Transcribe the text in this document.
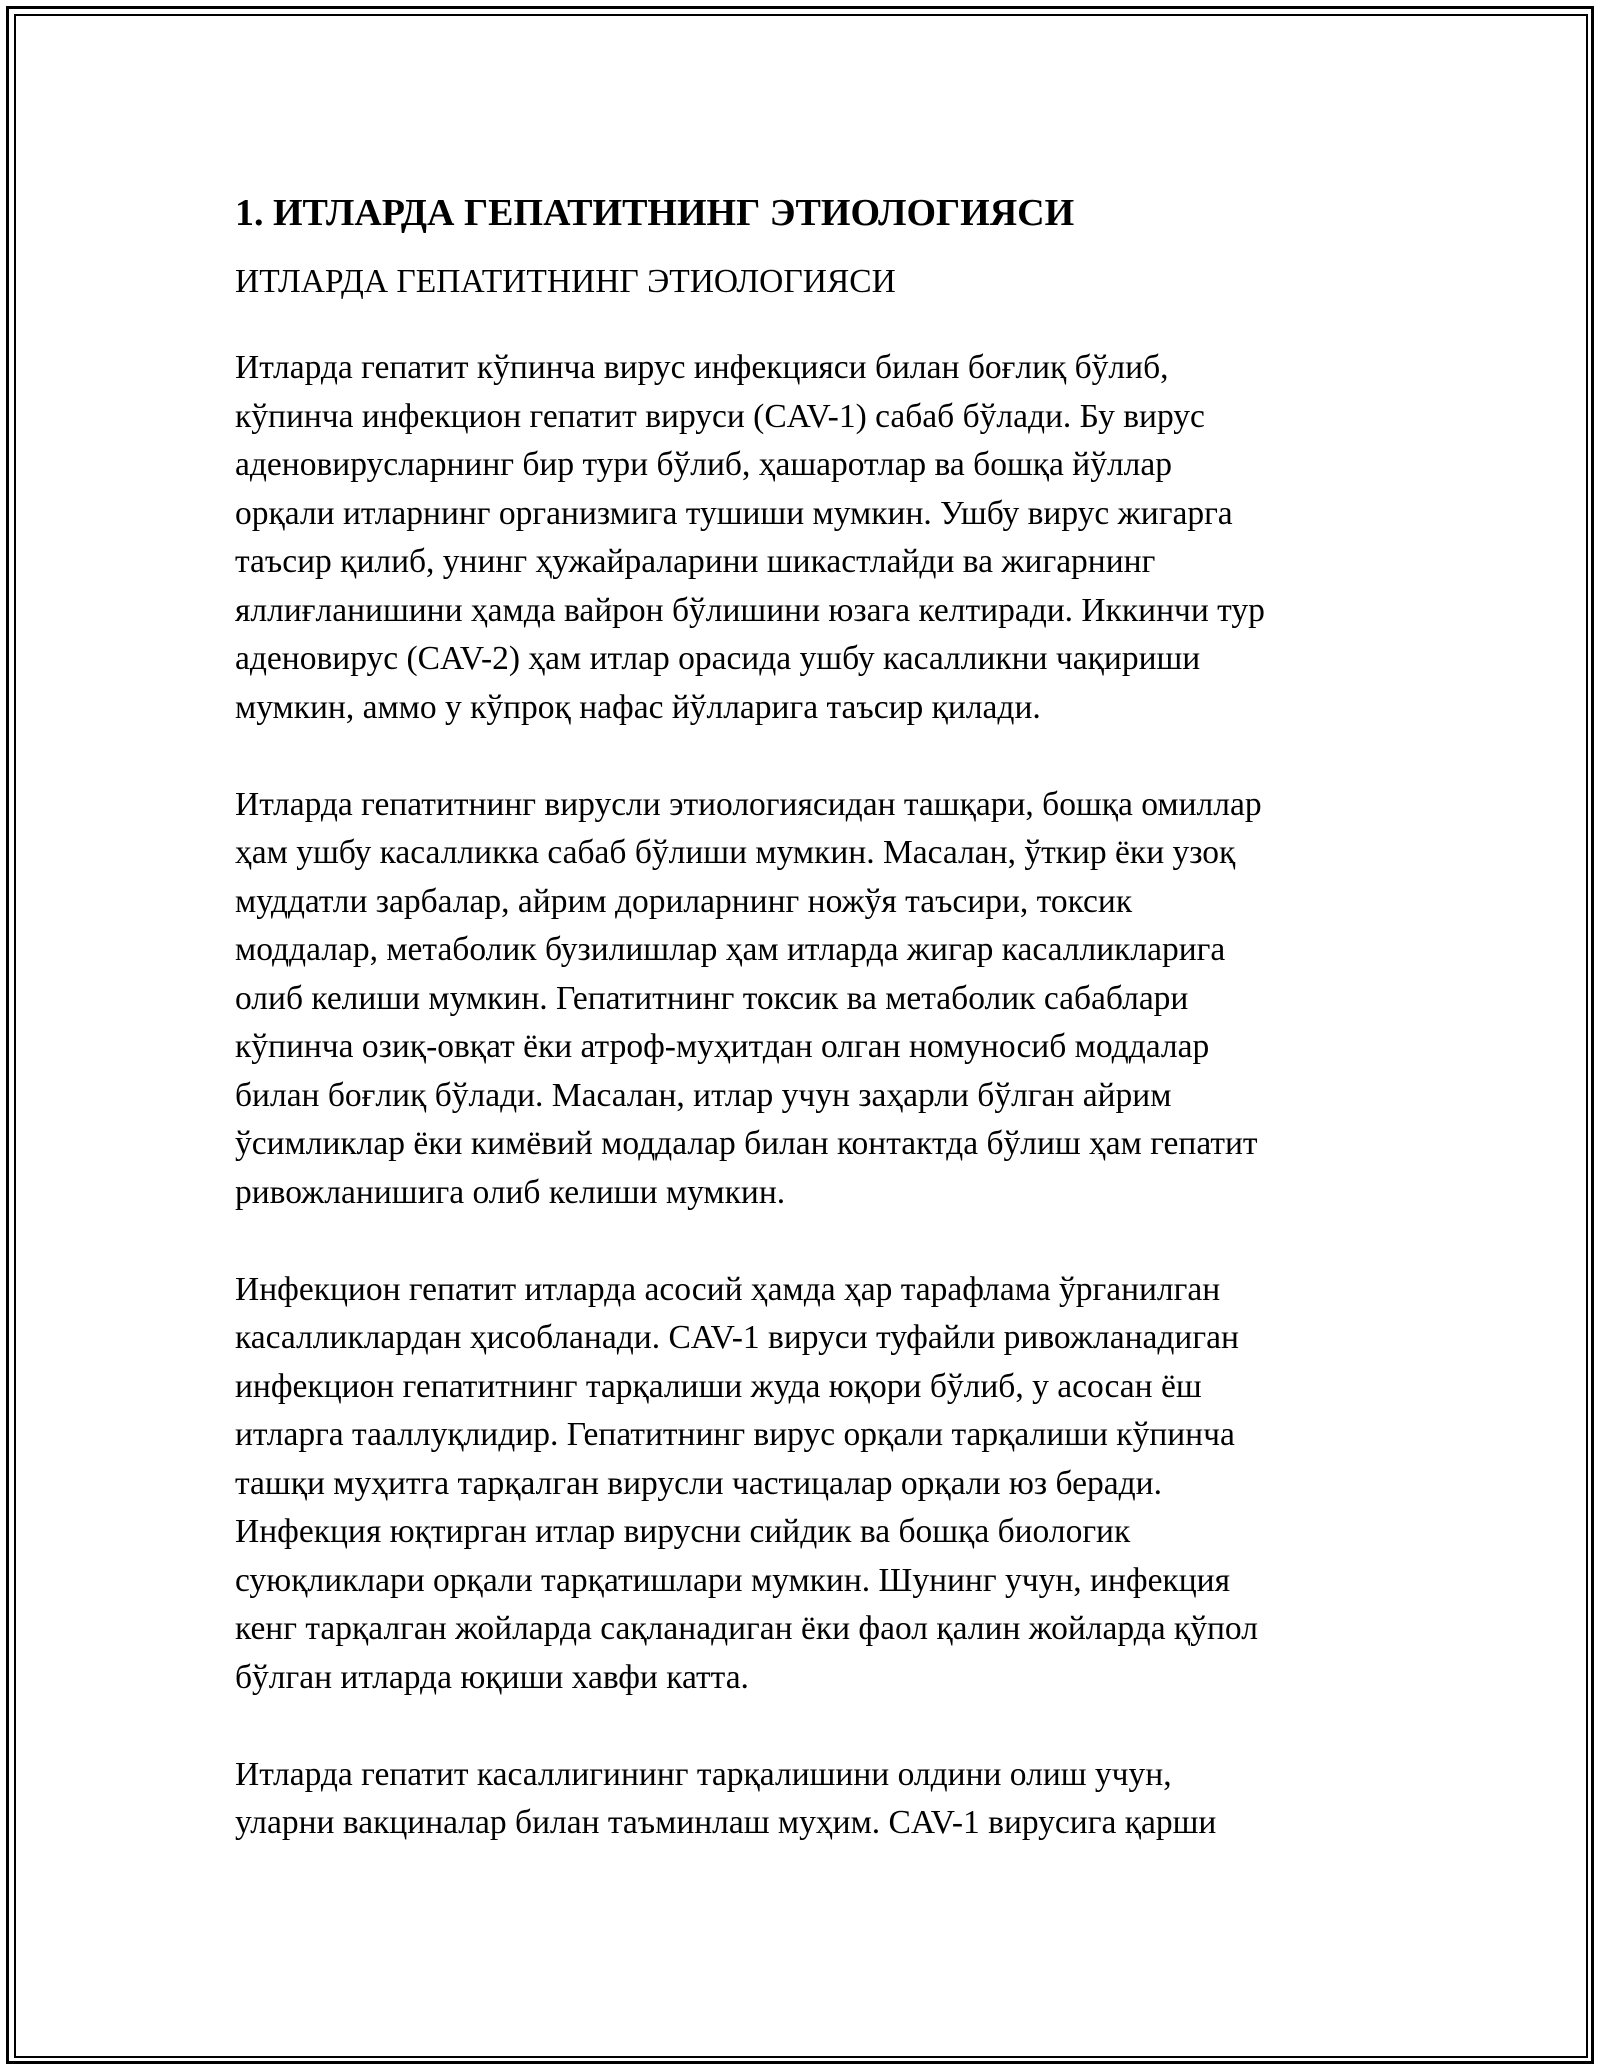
1. ИТЛАРДА ГЕПАТИТНИНГ ЭТИОЛОГИЯСИ
ИТЛАРДА ГЕПАТИТНИНГ ЭТИОЛОГИЯСИ
Итларда гепатит кўпинча вирус инфекцияси билан боғлиқ бўлиб,
кўпинча инфекцион гепатит вируси (CAV-1) сабаб бўлади. Бу вирус
аденовирусларнинг бир тури бўлиб, ҳашаротлар ва бошқа йўллар
орқали итларнинг организмига тушиши мумкин. Ушбу вирус жигарга
таъсир қилиб, унинг ҳужайраларини шикастлайди ва жигарнинг
яллиғланишини ҳамда вайрон бўлишини юзага келтиради. Иккинчи тур
аденовирус (CAV-2) ҳам итлар орасида ушбу касалликни чақириши
мумкин, аммо у кўпроқ нафас йўлларига таъсир қилади.
Итларда гепатитнинг вирусли этиологиясидан ташқари, бошқа омиллар
ҳам ушбу касалликка сабаб бўлиши мумкин. Масалан, ўткир ёки узоқ
муддатли зарбалар, айрим дориларнинг ножўя таъсири, токсик
моддалар, метаболик бузилишлар ҳам итларда жигар касалликларига
олиб келиши мумкин. Гепатитнинг токсик ва метаболик сабаблари
кўпинча озиқ-овқат ёки атроф-муҳитдан олган номуносиб моддалар
билан боғлиқ бўлади. Масалан, итлар учун заҳарли бўлган айрим
ўсимликлар ёки кимёвий моддалар билан контактда бўлиш ҳам гепатит
ривожланишига олиб келиши мумкин.
Инфекцион гепатит итларда асосий ҳамда ҳар тарафлама ўрганилган
касалликлардан ҳисобланади. CAV-1 вируси туфайли ривожланадиган
инфекцион гепатитнинг тарқалиши жуда юқори бўлиб, у асосан ёш
итларга тааллуқлидир. Гепатитнинг вирус орқали тарқалиши кўпинча
ташқи муҳитга тарқалган вирусли частицалар орқали юз беради.
Инфекция юқтирган итлар вирусни сийдик ва бошқа биологик
суюқликлари орқали тарқатишлари мумкин. Шунинг учун, инфекция
кенг тарқалган жойларда сақланадиган ёки фаол қалин жойларда қўпол
бўлган итларда юқиши хавфи катта.
Итларда гепатит касаллигининг тарқалишини олдини олиш учун,
уларни вакциналар билан таъминлаш муҳим. CAV-1 вирусига қарши
